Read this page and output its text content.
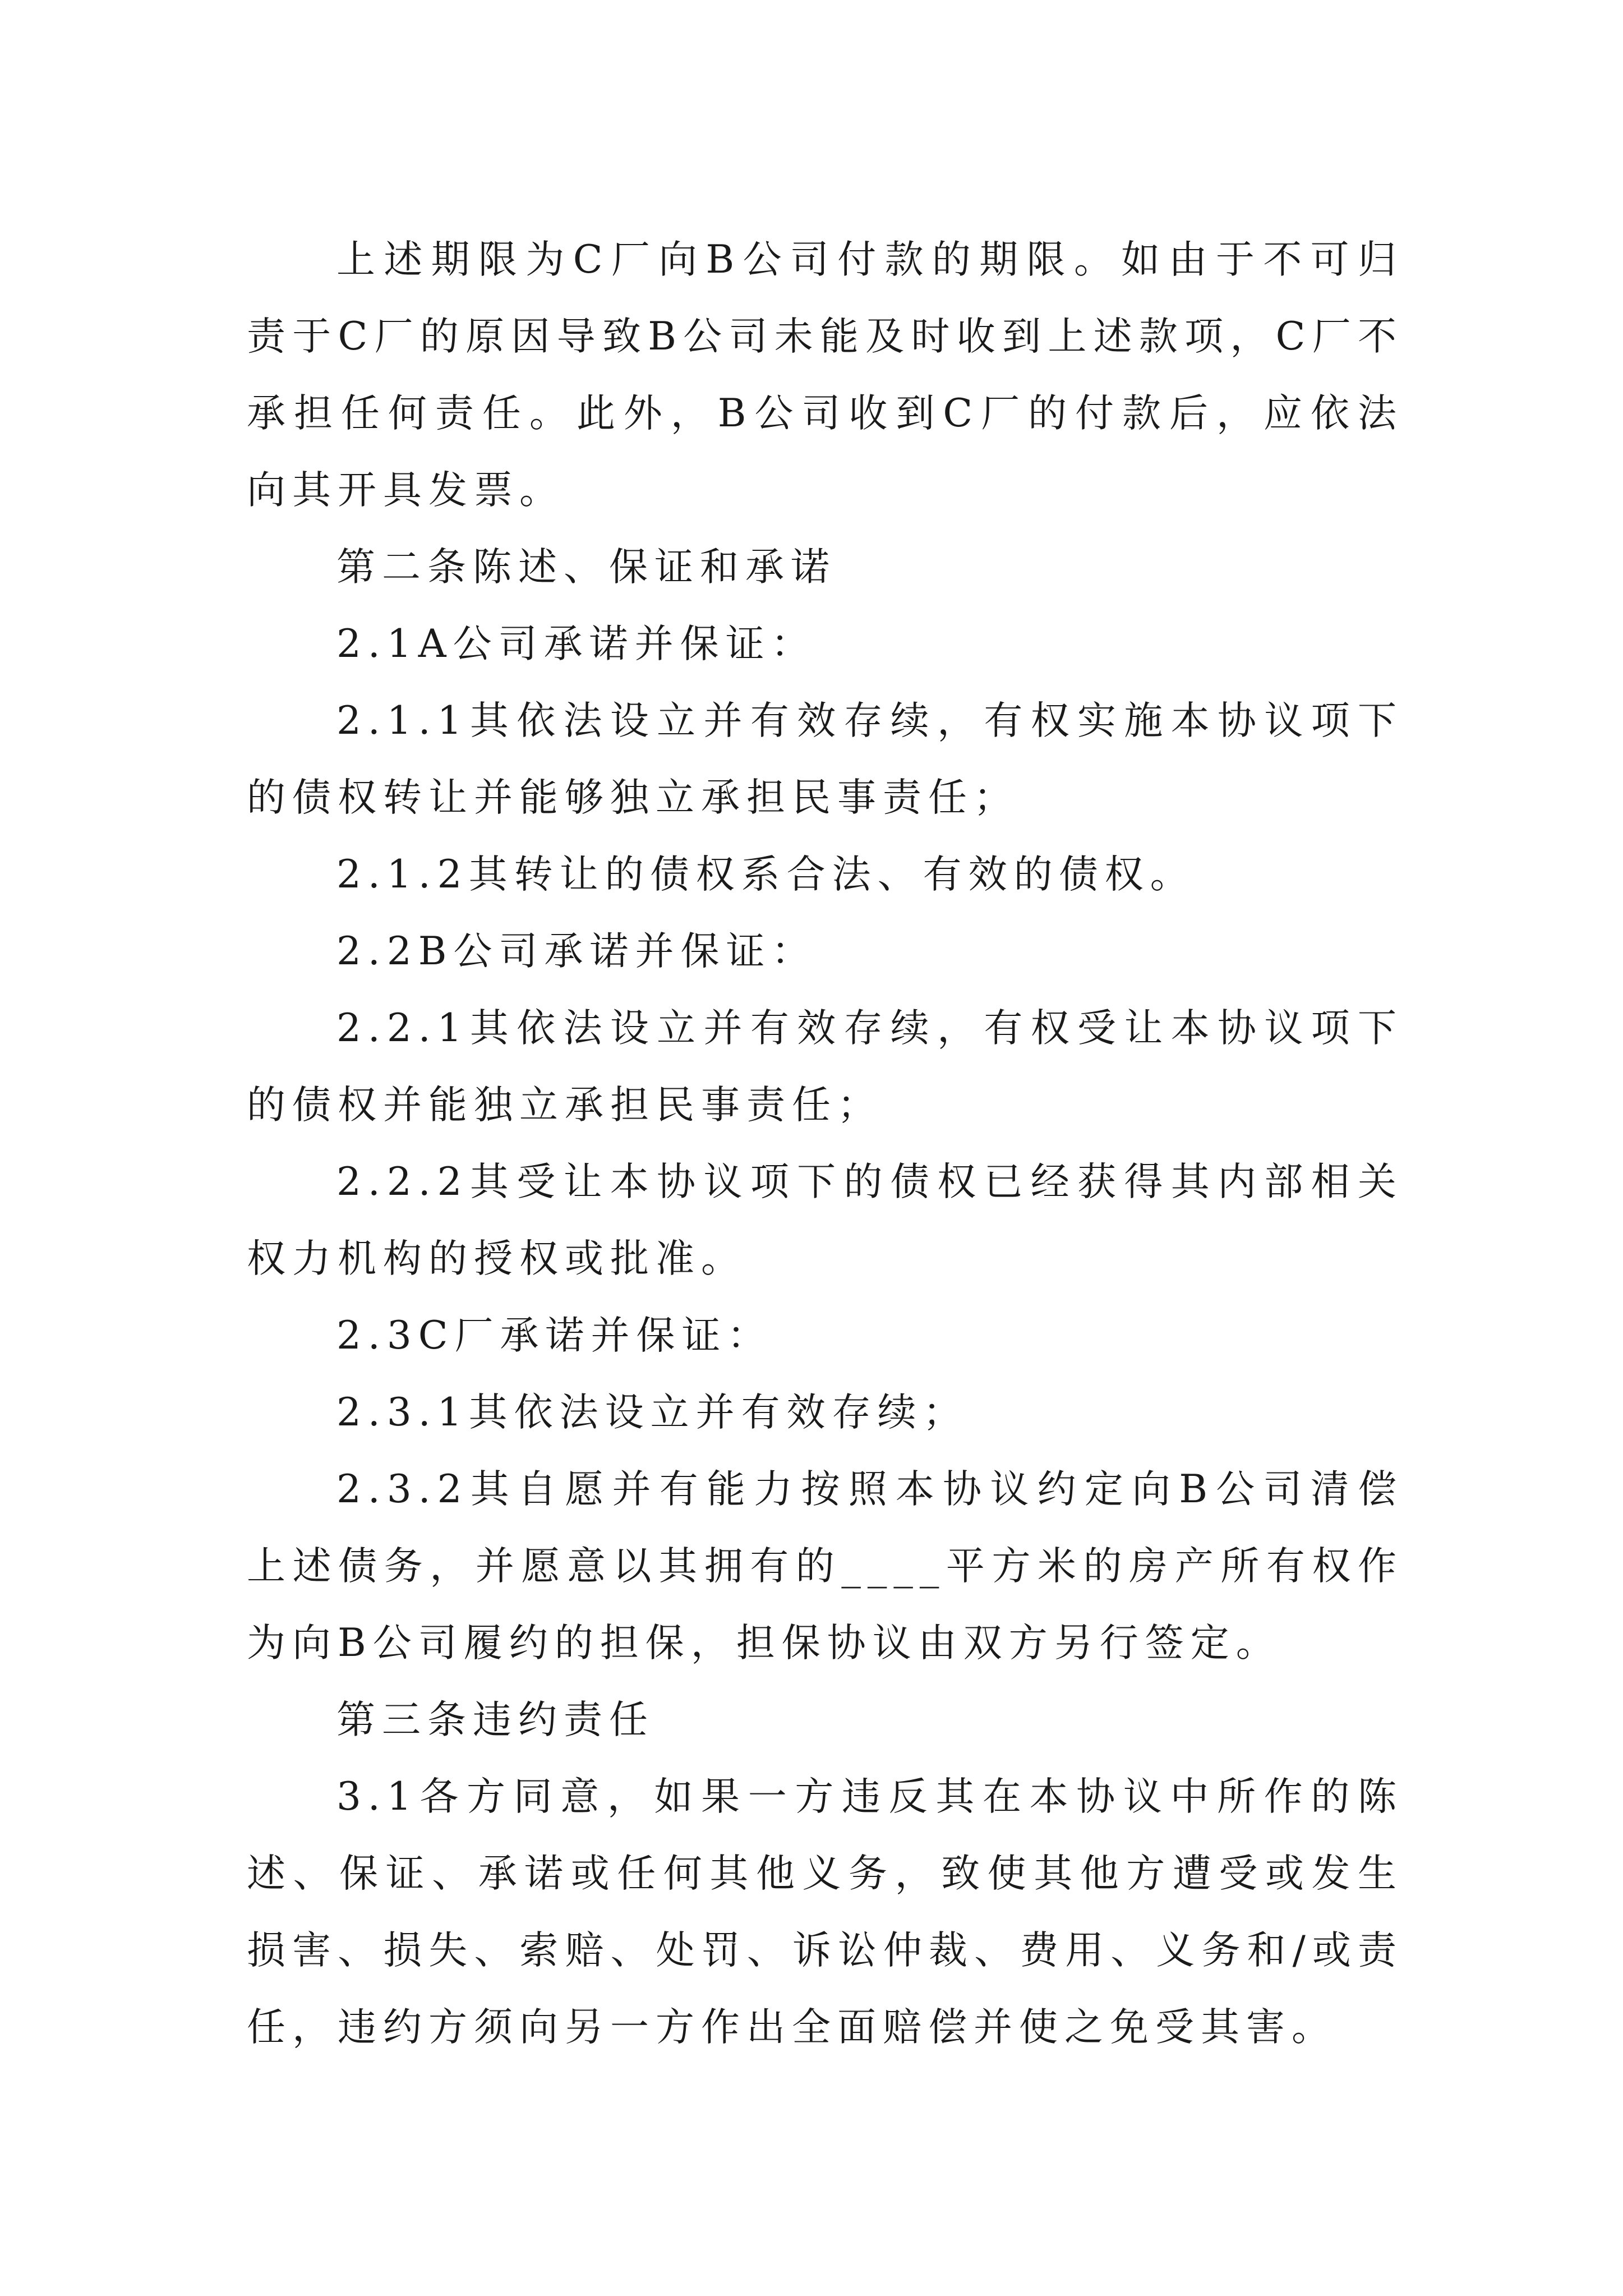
上述期限为C厂向B公司付款的期限。如由于不可归责于C厂的原因导致B公司未能及时收到上述款项，C厂不承担任何责任。此外，B公司收到C厂的付款后，应依法向其开具发票。

第二条陈述、保证和承诺

2.1A公司承诺并保证：

2.1.1其依法设立并有效存续，有权实施本协议项下的债权转让并能够独立承担民事责任；

2.1.2其转让的债权系合法、有效的债权。

2.2B公司承诺并保证：

2.2.1其依法设立并有效存续，有权受让本协议项下的债权并能独立承担民事责任；

2.2.2其受让本协议项下的债权已经获得其内部相关权力机构的授权或批准。

2.3C厂承诺并保证：

2.3.1其依法设立并有效存续；

2.3.2其自愿并有能力按照本协议约定向B公司清偿上述债务，并愿意以其拥有的____平方米的房产所有权作为向B公司履约的担保，担保协议由双方另行签定。

第三条违约责任

3.1各方同意，如果一方违反其在本协议中所作的陈述、保证、承诺或任何其他义务，致使其他方遭受或发生损害、损失、索赔、处罚、诉讼仲裁、费用、义务和/或责任，违约方须向另一方作出全面赔偿并使之免受其害。
